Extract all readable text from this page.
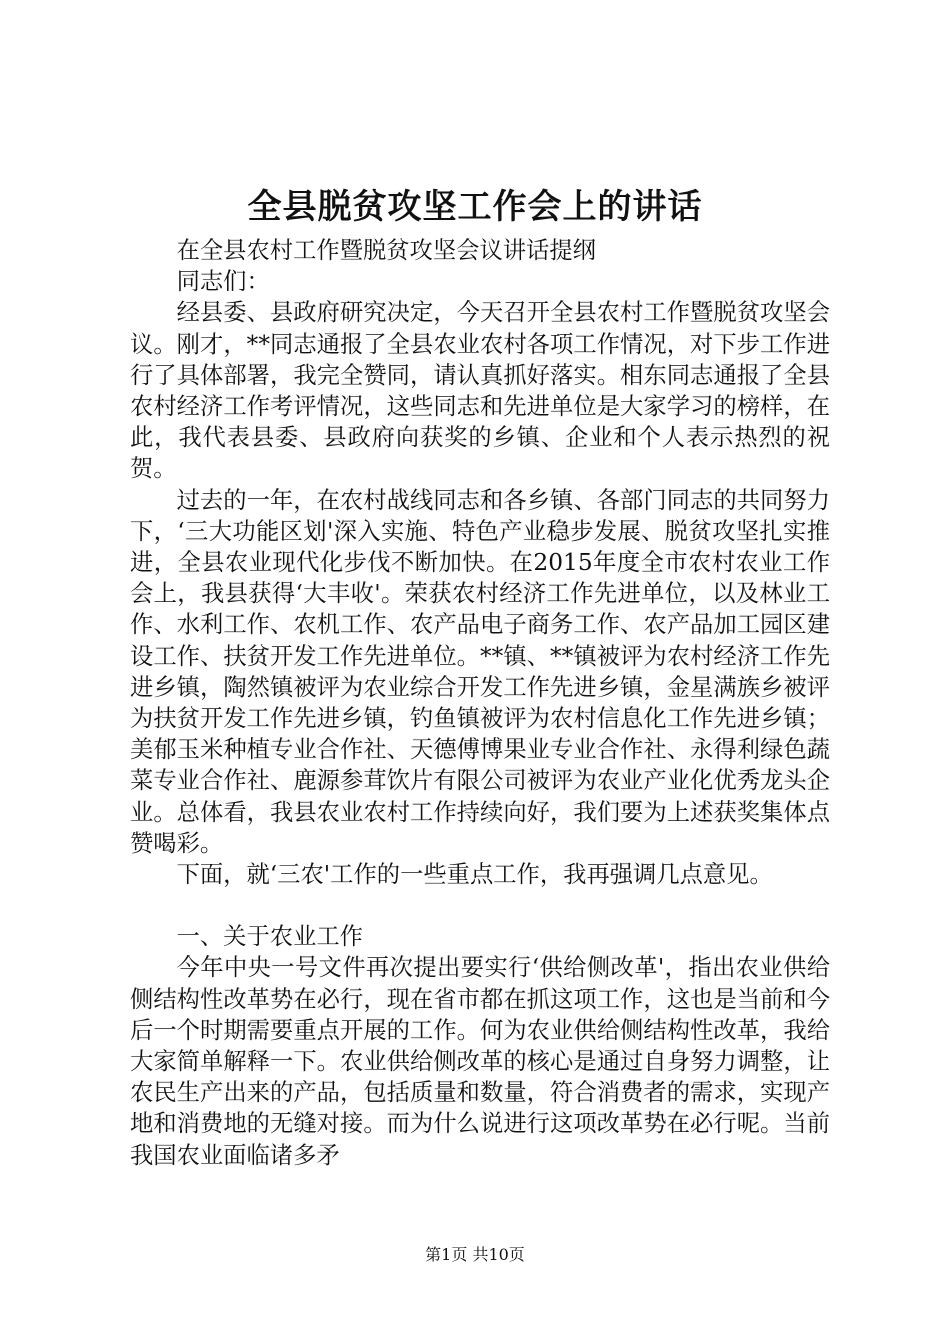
全县脱贫攻坚工作会上的讲话

在全县农村工作暨脱贫攻坚会议讲话提纲

同志们：

经县委、县政府研究决定，今天召开全县农村工作暨脱贫攻坚会议。刚才，**同志通报了全县农业农村各项工作情况，对下步工作进行了具体部署，我完全赞同，请认真抓好落实。相东同志通报了全县农村经济工作考评情况，这些同志和先进单位是大家学习的榜样，在此，我代表县委、县政府向获奖的乡镇、企业和个人表示热烈的祝贺。

过去的一年，在农村战线同志和各乡镇、各部门同志的共同努力下，‘三大功能区划'深入实施、特色产业稳步发展、脱贫攻坚扎实推进，全县农业现代化步伐不断加快。在2015年度全市农村农业工作会上，我县获得‘大丰收'。荣获农村经济工作先进单位，以及林业工作、水利工作、农机工作、农产品电子商务工作、农产品加工园区建设工作、扶贫开发工作先进单位。**镇、**镇被评为农村经济工作先进乡镇，陶然镇被评为农业综合开发工作先进乡镇，金星满族乡被评为扶贫开发工作先进乡镇，钓鱼镇被评为农村信息化工作先进乡镇；美郁玉米种植专业合作社、天德傅博果业专业合作社、永得利绿色蔬菜专业合作社、鹿源参茸饮片有限公司被评为农业产业化优秀龙头企业。总体看，我县农业农村工作持续向好，我们要为上述获奖集体点赞喝彩。

下面，就‘三农'工作的一些重点工作，我再强调几点意见。

一、关于农业工作

今年中央一号文件再次提出要实行‘供给侧改革'，指出农业供给侧结构性改革势在必行，现在省市都在抓这项工作，这也是当前和今后一个时期需要重点开展的工作。何为农业供给侧结构性改革，我给大家简单解释一下。农业供给侧改革的核心是通过自身努力调整，让农民生产出来的产品，包括质量和数量，符合消费者的需求，实现产地和消费地的无缝对接。而为什么说进行这项改革势在必行呢。当前我国农业面临诸多矛

第1页 共10页
